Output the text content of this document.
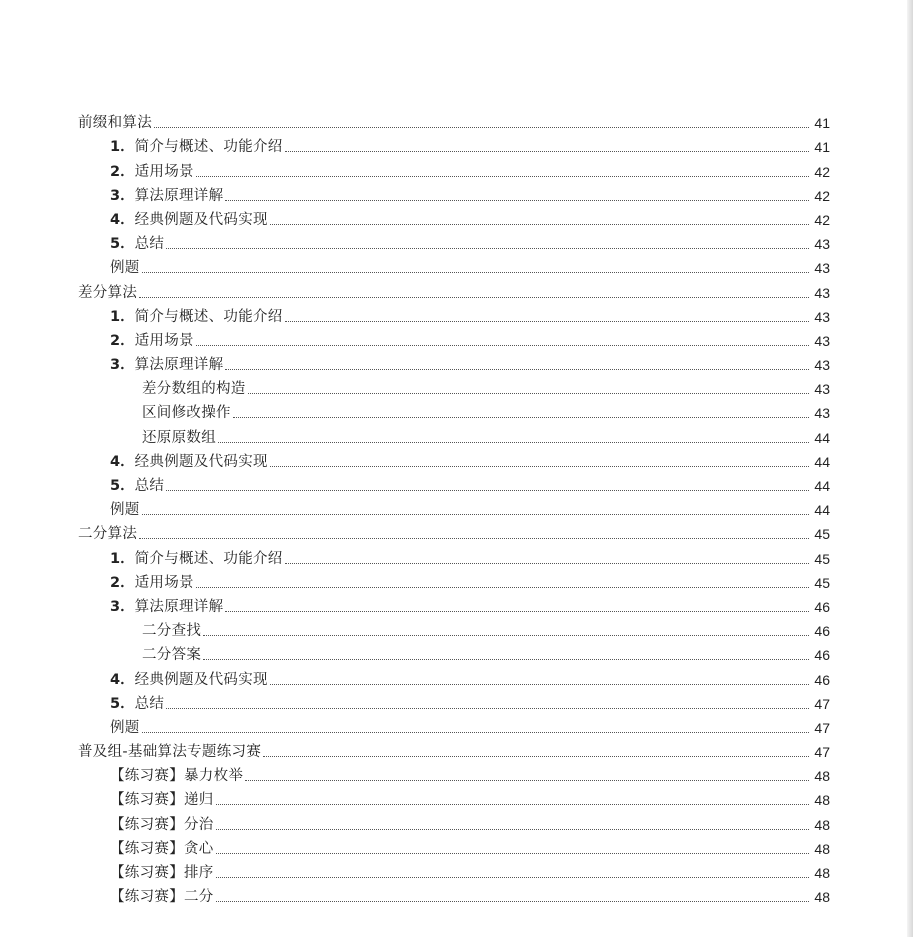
前缀和算法	41
1． 简介与概述、功能介绍	41
2． 适用场景	42
3． 算法原理详解	42
4． 经典例题及代码实现	42
5． 总结	43
例题	43
差分算法	43
1． 简介与概述、功能介绍	43
2． 适用场景	43
3． 算法原理详解	43
差分数组的构造	43
区间修改操作	43
还原原数组	44
4． 经典例题及代码实现	44
5． 总结	44
例题	44
二分算法	45
1． 简介与概述、功能介绍	45
2． 适用场景	45
3． 算法原理详解	46
二分查找	46
二分答案	46
4． 经典例题及代码实现	46
5． 总结	47
例题	47
普及组-基础算法专题练习赛	47
【练习赛】暴力枚举	48
【练习赛】递归	48
【练习赛】分治	48
【练习赛】贪心	48
【练习赛】排序	48
【练习赛】二分	48
